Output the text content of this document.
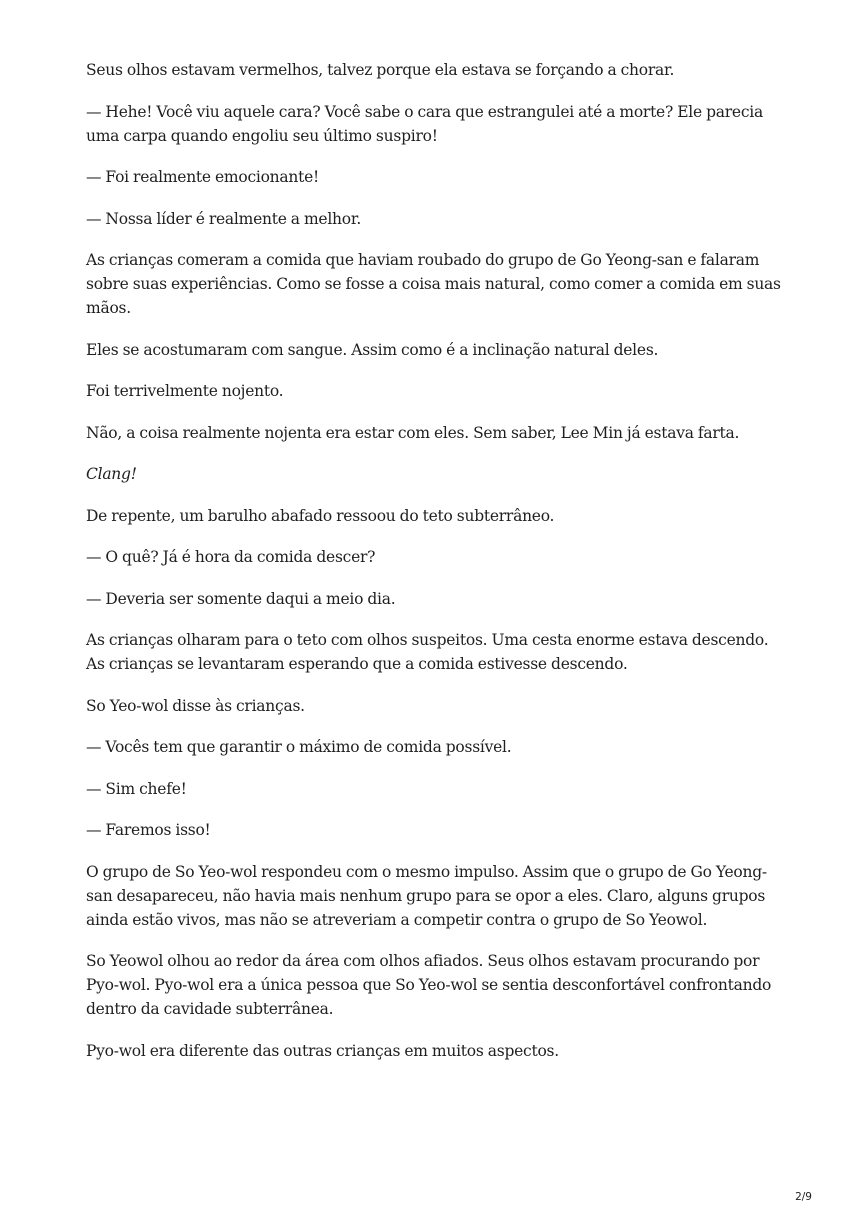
Seus olhos estavam vermelhos, talvez porque ela estava se forçando a chorar.

— Hehe! Você viu aquele cara? Você sabe o cara que estrangulei até a morte? Ele parecia uma carpa quando engoliu seu último suspiro!

— Foi realmente emocionante!

— Nossa líder é realmente a melhor.

As crianças comeram a comida que haviam roubado do grupo de Go Yeong-san e falaram sobre suas experiências. Como se fosse a coisa mais natural, como comer a comida em suas mãos.

Eles se acostumaram com sangue. Assim como é a inclinação natural deles.

Foi terrivelmente nojento.

Não, a coisa realmente nojenta era estar com eles. Sem saber, Lee Min já estava farta.

Clang!

De repente, um barulho abafado ressoou do teto subterrâneo.

— O quê? Já é hora da comida descer?

— Deveria ser somente daqui a meio dia.

As crianças olharam para o teto com olhos suspeitos. Uma cesta enorme estava descendo. As crianças se levantaram esperando que a comida estivesse descendo.

So Yeo-wol disse às crianças.

— Vocês tem que garantir o máximo de comida possível.

— Sim chefe!

— Faremos isso!

O grupo de So Yeo-wol respondeu com o mesmo impulso. Assim que o grupo de Go Yeong-san desapareceu, não havia mais nenhum grupo para se opor a eles. Claro, alguns grupos ainda estão vivos, mas não se atreveriam a competir contra o grupo de So Yeowol.

So Yeowol olhou ao redor da área com olhos afiados. Seus olhos estavam procurando por Pyo-wol. Pyo-wol era a única pessoa que So Yeo-wol se sentia desconfortável confrontando dentro da cavidade subterrânea.

Pyo-wol era diferente das outras crianças em muitos aspectos.

2/9
